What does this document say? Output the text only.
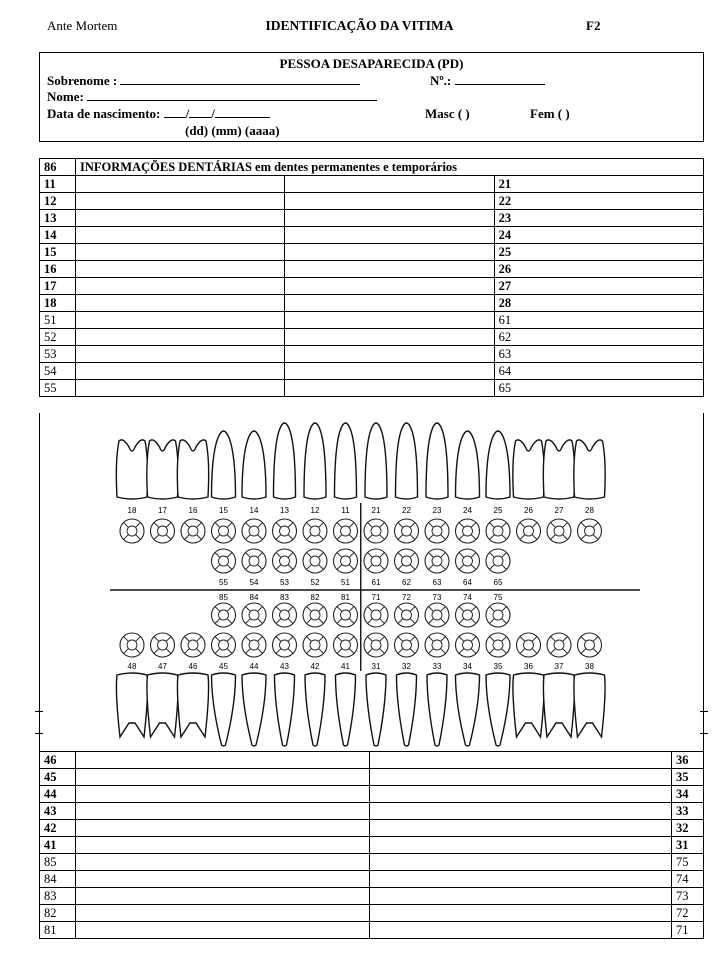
Ante Mortem	IDENTIFICAÇÃO DA VITIMA	F2
PESSOA DESAPARECIDA (PD)
Sobrenome :	Nº.:
Nome:
Data de nascimento: / /
(dd) (mm) (aaaa)
Masc ( )	Fem ( )
86	INFORMAÇÕES DENTÁRIAS em dentes permanentes e temporários		
11			21
12			22
13			23
14			24
15			25
16			26
17			27
18			28
51			61
52			62
53			63
54			64
55			65
18	17	16	15	14	13	12	11	21	22	23	24	25	26	27	28
55	54	53	52	51	61	62	63	64	65
85	84	83	82	81	71	72	73	74	75
48	47	46	45	44	43	42	41	31	32	33	34	35	36	37	38
46			36
45			35
44			34
43			33
42			32
41			31
85			75
84			74
83			73
82			72
81			71
